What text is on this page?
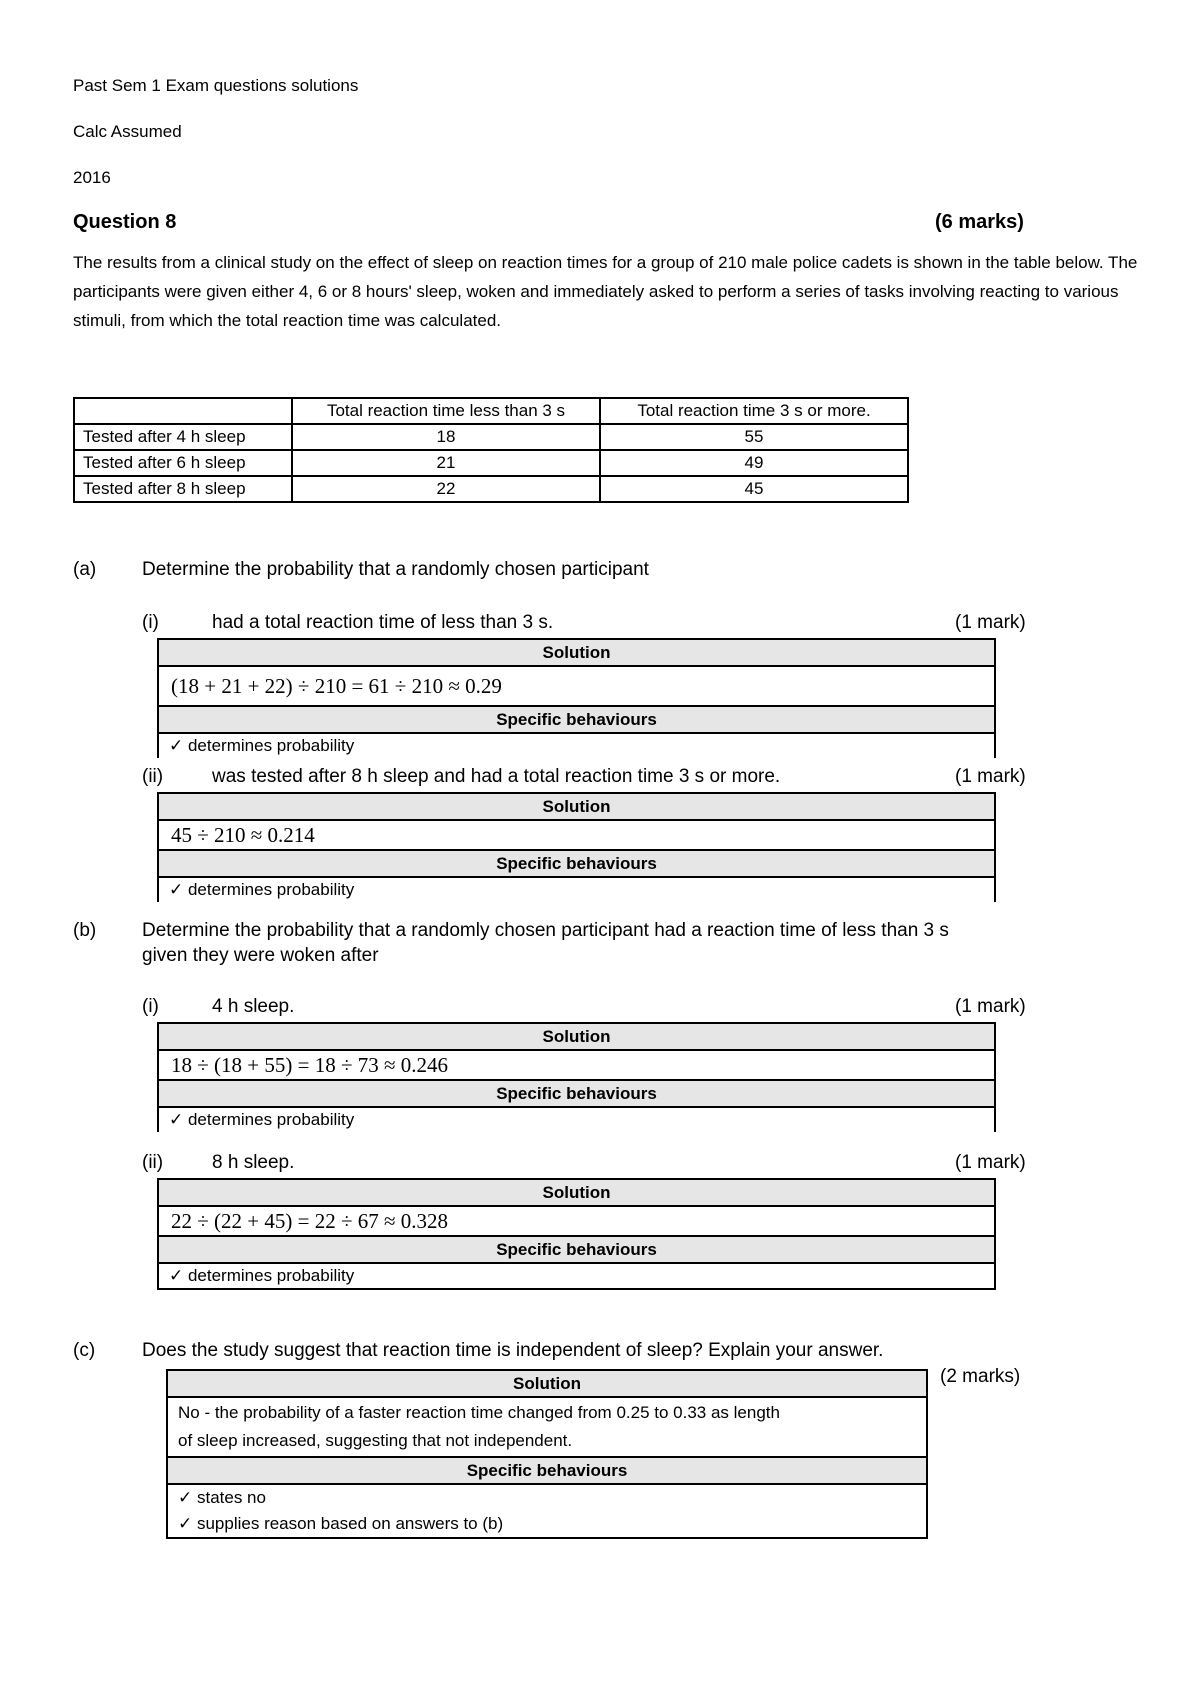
Past Sem 1 Exam questions solutions
Calc Assumed
2016
Question 8	(6 marks)
The results from a clinical study on the effect of sleep on reaction times for a group of 210 male police cadets is shown in the table below. The participants were given either 4, 6 or 8 hours' sleep, woken and immediately asked to perform a series of tasks involving reacting to various stimuli, from which the total reaction time was calculated.
	Total reaction time less than 3 s	Total reaction time 3 s or more.
Tested after 4 h sleep	18	55
Tested after 6 h sleep	21	49
Tested after 8 h sleep	22	45
(a) Determine the probability that a randomly chosen participant
(i)	had a total reaction time of less than 3 s.	(1 mark)
Solution
(18 + 21 + 22) ÷ 210 = 61 ÷ 210 ≈ 0.29
Specific behaviours
✓ determines probability
(ii)	was tested after 8 h sleep and had a total reaction time 3 s or more.	(1 mark)
Solution
45 ÷ 210 ≈ 0.214
Specific behaviours
✓ determines probability
(b) Determine the probability that a randomly chosen participant had a reaction time of less than 3 s
given they were woken after
(i)	4 h sleep.	(1 mark)
Solution
18 ÷ (18 + 55) = 18 ÷ 73 ≈ 0.246
Specific behaviours
✓ determines probability
(ii)	8 h sleep.	(1 mark)
Solution
22 ÷ (22 + 45) = 22 ÷ 67 ≈ 0.328
Specific behaviours
✓ determines probability
(c) Does the study suggest that reaction time is independent of sleep? Explain your answer.
(2 marks)
Solution
No - the probability of a faster reaction time changed from 0.25 to 0.33 as length
of sleep increased, suggesting that not independent.
Specific behaviours
✓ states no
✓ supplies reason based on answers to (b)
